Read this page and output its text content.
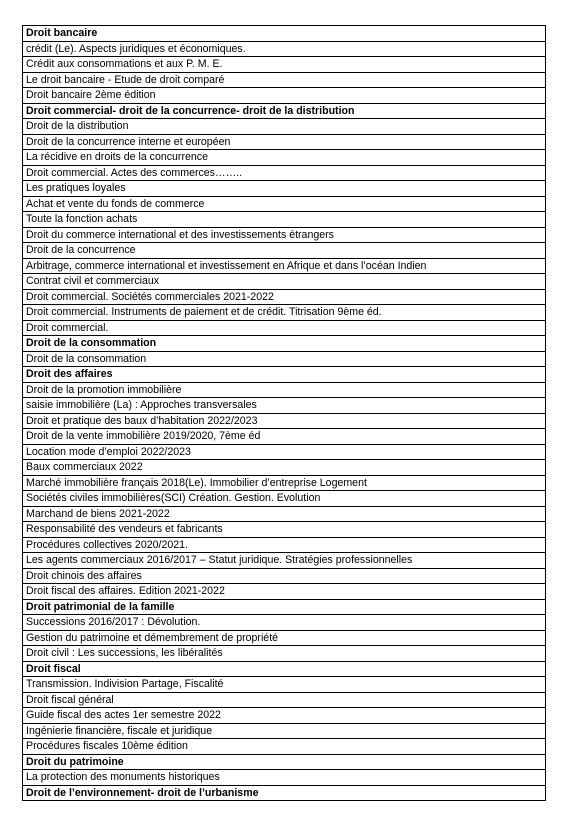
Droit bancaire
crédit (Le). Aspects juridiques et économiques.
Crédit aux consommations et aux P. M. E.
Le droit bancaire - Etude de droit comparé
Droit bancaire 2ème édition
Droit commercial- droit de la concurrence- droit de la distribution
Droit de la distribution
Droit de la concurrence interne et européen
La récidive en droits de la concurrence
Droit commercial. Actes des commerces……..
Les pratiques loyales
Achat et vente du fonds de commerce
Toute la fonction achats
Droit du commerce international et des investissements étrangers
Droit de la concurrence
Arbitrage, commerce international et investissement en Afrique et dans l’océan Indien
Contrat civil et commerciaux
Droit commercial. Sociétés commerciales 2021-2022
Droit commercial. Instruments de paiement et de crédit. Titrisation 9ème éd.
Droit commercial.
Droit de la consommation
Droit de la consommation
Droit des affaires
Droit de la promotion immobilière
saisie immobilière (La) : Approches transversales
Droit et pratique des baux d’habitation 2022/2023
Droit de la vente immobilière 2019/2020, 7ème éd
Location mode d’emploi 2022/2023
Baux commerciaux 2022
Marché immobilière français 2018(Le). Immobilier d’entreprise Logement
Sociétés civiles immobilières(SCI) Création. Gestion. Evolution
Marchand de biens 2021-2022
Responsabilité des vendeurs et fabricants
Procédures collectives 2020/2021.
Les agents commerciaux 2016/2017 – Statut juridique. Stratégies professionnelles
Droit chinois des affaires
Droit fiscal des affaires. Edition 2021-2022
Droit patrimonial de la famille
Successions 2016/2017 : Dévolution.
Gestion du patrimoine et démembrement de propriété
Droit civil : Les successions, les libéralités
Droit fiscal
Transmission. Indivision Partage, Fiscalité
Droit fiscal général
Guide fiscal des actes 1er semestre 2022
Ingénierie financière, fiscale et juridique
Procédures fiscales 10ème édition
Droit du patrimoine
La protection des monuments historiques
Droit de l’environnement- droit de l’urbanisme
